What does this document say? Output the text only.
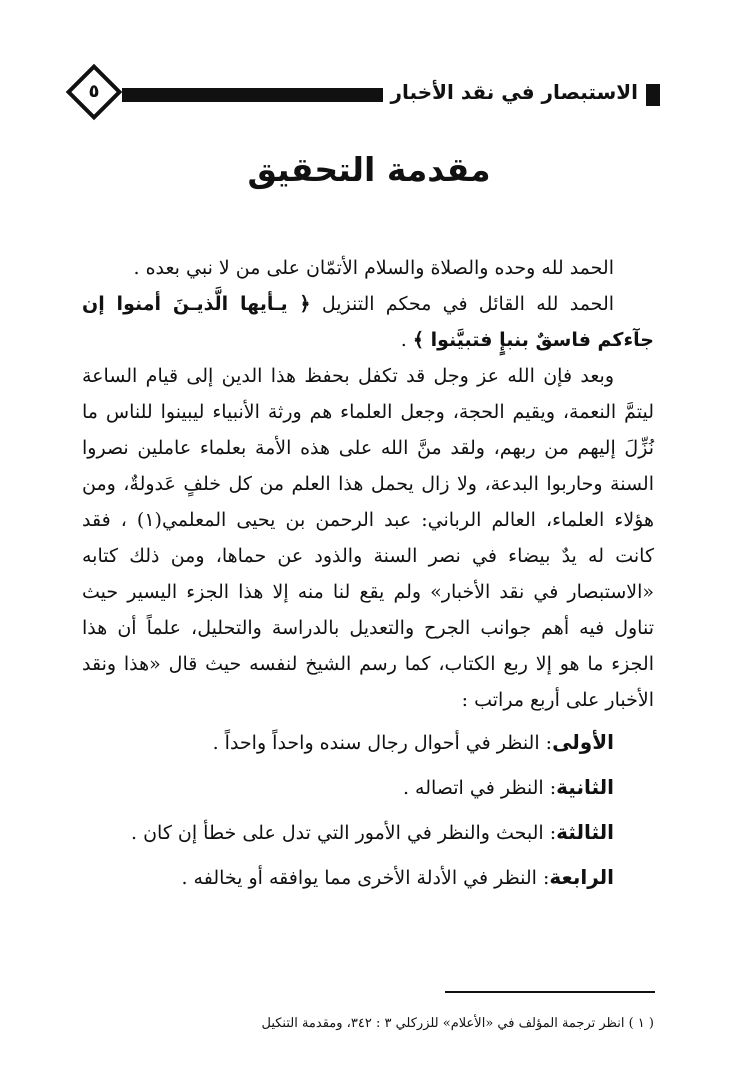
الاستبصار في نقد الأخبار
٥
مقدمة التحقيق

الحمد لله وحده والصلاة والسلام الأتمّان على من لا نبي بعده .

الحمد لله القائل في محكم التنزيل ﴿ يـأيها الَّذيـنَ أمنوا إن جآءكم فاسقٌ بنبإٍ فتبيَّنوا ﴾ .

وبعد فإن الله عز وجل قد تكفل بحفظ هذا الدين إلى قيام الساعة ليتمَّ النعمة، ويقيم الحجة، وجعل العلماء هم ورثة الأنبياء ليبينوا للناس ما نُزِّلَ إليهم من ربهم، ولقد منَّ الله على هذه الأمة بعلماء عاملين نصروا السنة وحاربوا البدعة، ولا زال يحمل هذا العلم من كل خلفٍ عَدولةٌ، ومن هؤلاء العلماء، العالم الرباني: عبد الرحمن بن يحيى المعلمي(١) ، فقد كانت له يدٌ بيضاء في نصر السنة والذود عن حماها، ومن ذلك كتابه «الاستبصار في نقد الأخبار» ولم يقع لنا منه إلا هذا الجزء اليسير حيث تناول فيه أهم جوانب الجرح والتعديل بالدراسة والتحليل، علماً أن هذا الجزء ما هو إلا ربع الكتاب، كما رسم الشيخ لنفسه حيث قال «هذا ونقد الأخبار على أربع مراتب :

الأولى: النظر في أحوال رجال سنده واحداً واحداً .
الثانية: النظر في اتصاله .
الثالثة: البحث والنظر في الأمور التي تدل على خطأ إن كان .
الرابعة: النظر في الأدلة الأخرى مما يوافقه أو يخالفه .
( ١ ) انظر ترجمة المؤلف في «الأعلام» للزركلي ٣ : ٣٤٢، ومقدمة التنكيل
